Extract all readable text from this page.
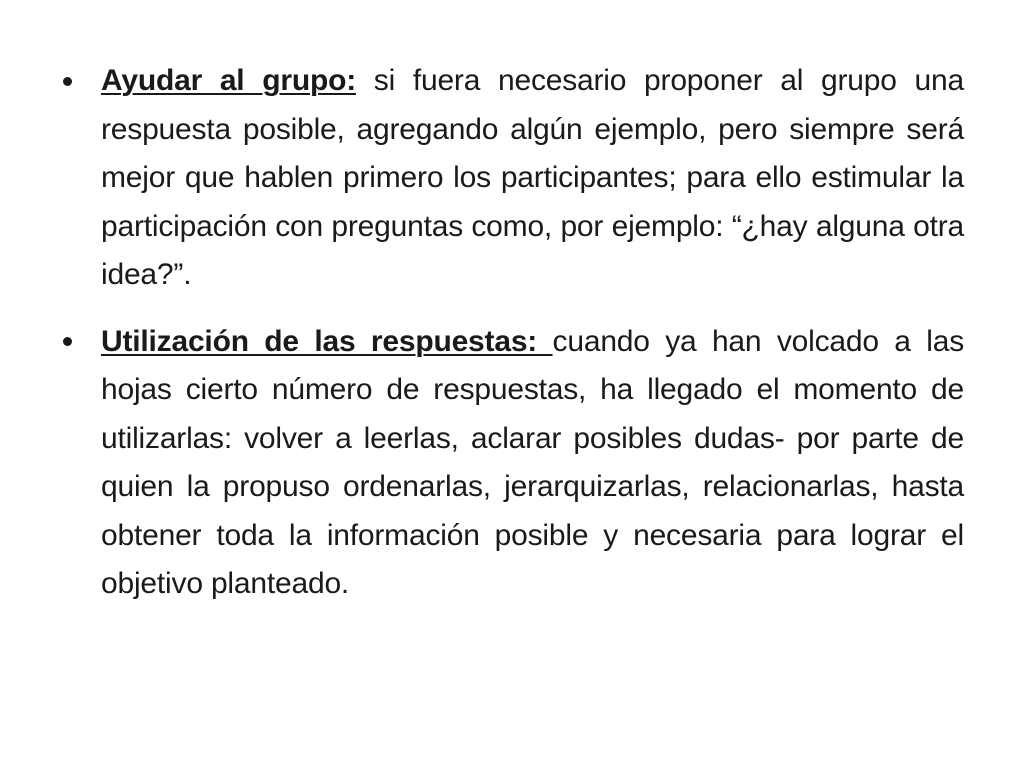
Ayudar al grupo: si fuera necesario proponer al grupo una respuesta posible, agregando algún ejemplo, pero siempre será mejor que hablen primero los participantes; para ello estimular la participación con preguntas como, por ejemplo: “¿hay alguna otra idea?”.
Utilización de las respuestas: cuando ya han volcado a las hojas cierto número de respuestas, ha llegado el momento de utilizarlas: volver a leerlas, aclarar posibles dudas- por parte de quien la propuso ordenarlas, jerarquizarlas, relacionarlas, hasta obtener toda la información posible y necesaria para lograr el objetivo planteado.
